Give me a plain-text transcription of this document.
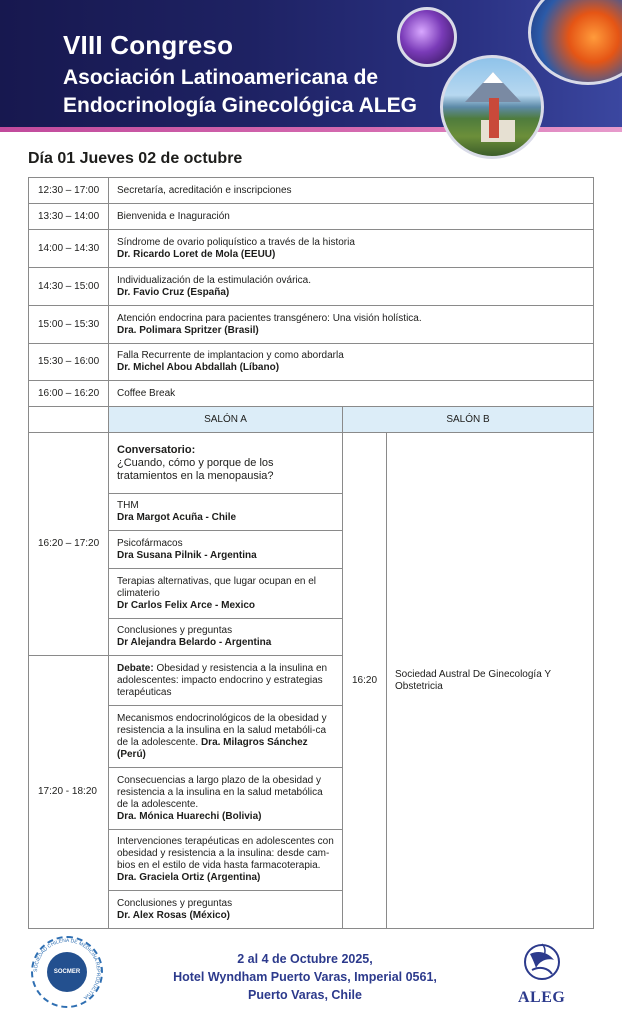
VIII Congreso
Asociación Latinoamericana de
Endocrinología Ginecológica ALEG
Día 01 Jueves 02 de octubre
12:30 – 17:00 Secretaría, acreditación e inscripciones
13:30 – 14:00 Bienvenida e Inaguración
14:00 – 14:30
Síndrome de ovario poliquístico a través de la historia
Dr. Ricardo Loret de Mola (EEUU)
14:30 – 15:00
Individualización de la estimulación ovárica.
Dr. Favio Cruz (España)
15:00 – 15:30
Atención endocrina para pacientes transgénero: Una visión holística.
Dra. Polimara Spritzer (Brasil)
15:30 – 16:00
Falla Recurrente de implantacion y como abordarla
Dr. Michel Abou Abdallah (Líbano)
16:00 – 16:20 Coffee Break
SALÓN A	SALÓN B
16:20 – 17:20
Conversatorio:
¿Cuando, cómo y porque de los tratamientos en la menopausia?
THM
Dra Margot Acuña - Chile
Psicofármacos
Dra Susana Pilnik - Argentina
Terapias alternativas, que lugar ocupan en el climaterio
Dr Carlos Felix Arce - Mexico
Conclusiones y preguntas
Dr Alejandra Belardo - Argentina
17:20 - 18:20
Debate: Obesidad y resistencia a la insulina en adolescentes: impacto endocrino y estrategias terapéuticas
Mecanismos endocrinológicos de la obesidad y resistencia a la insulina en la salud metabóli-ca de la adolescente. Dra. Milagros Sánchez (Perú)
Consecuencias a largo plazo de la obesidad y resistencia a la insulina en la salud metabólica de la adolescente.
Dra. Mónica Huarechi (Bolivia)
Intervenciones terapéuticas en adolescentes con obesidad y resistencia a la insulina: desde cam-bios en el estilo de vida hasta farmacoterapia.
Dra. Graciela Ortiz (Argentina)
Conclusiones y preguntas
Dr. Alex Rosas (México)
16:20
Sociedad Austral De Ginecología Y Obstetricia
SOCIEDAD CHILENA DE MEDICINA REPRODUCTIVA
SOCMER
2 al 4 de Octubre 2025,
Hotel Wyndham Puerto Varas, Imperial 0561,
Puerto Varas, Chile	ALEG
